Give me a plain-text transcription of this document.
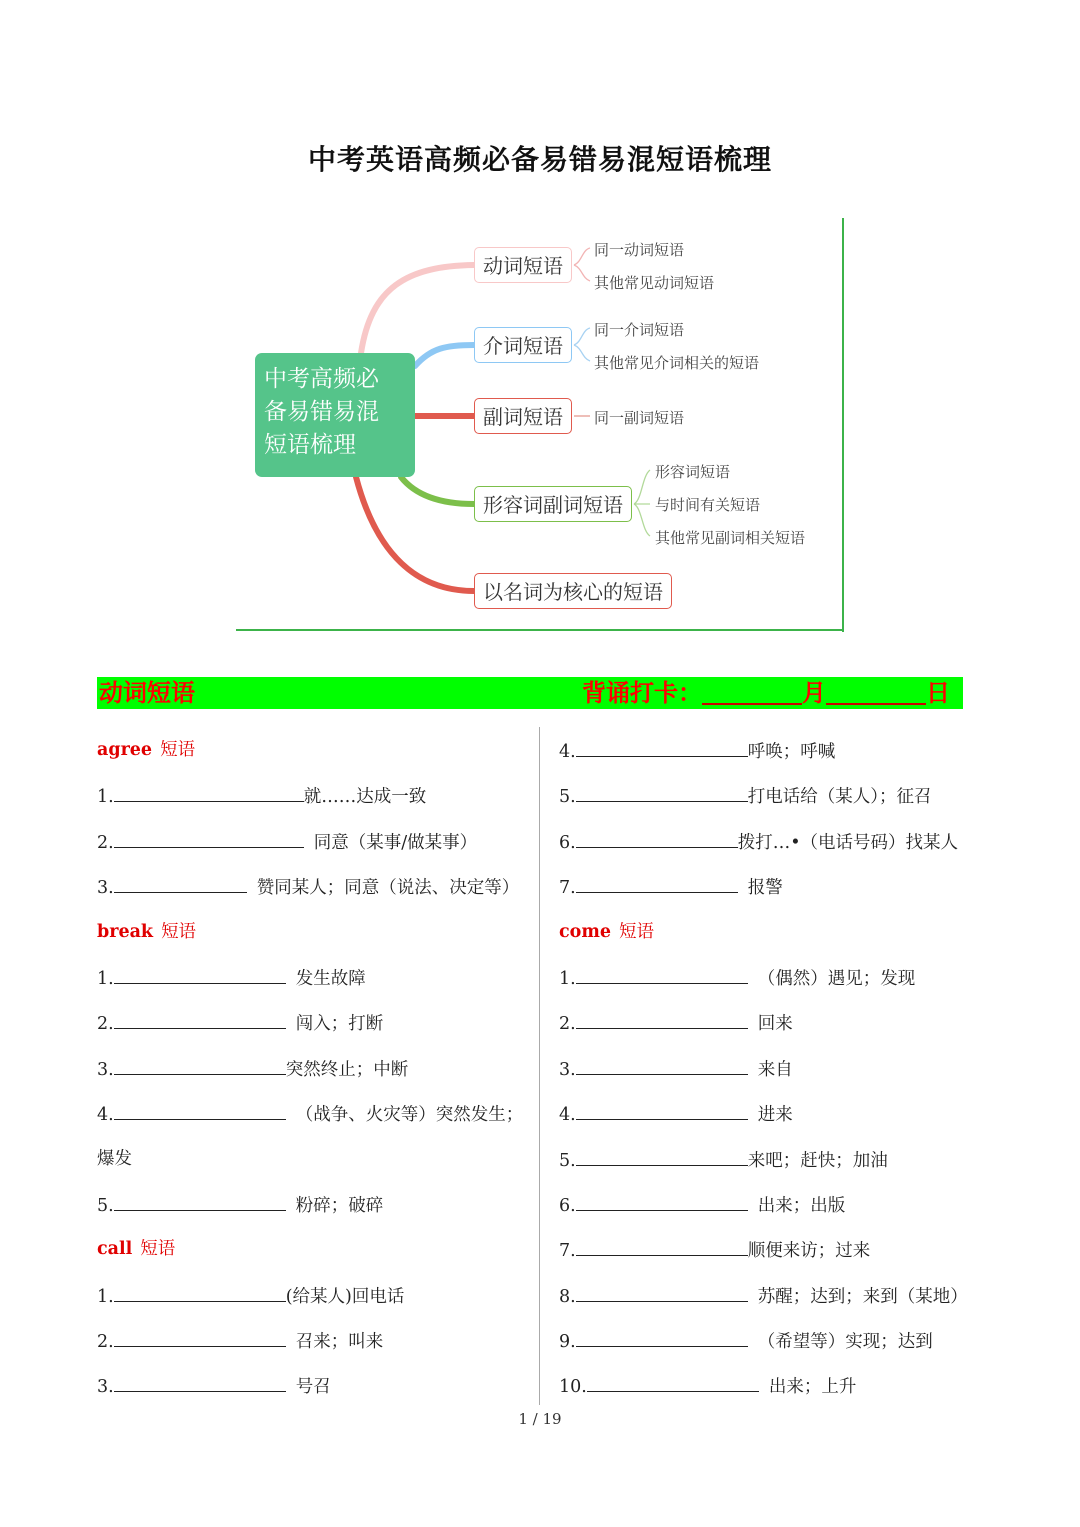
中考英语高频必备易错易混短语梳理
中考高频必
备易错易混
短语梳理
动词短语
介词短语
副词短语
形容词副词短语
以名词为核心的短语
同一动词短语
其他常见动词短语
同一介词短语
其他常见介词相关的短语
同一副词短语
形容词短语
与时间有关短语
其他常见副词相关短语
动词短语	背诵打卡：	月	日
agree 短语
1.	就……达成一致
2.	同意（某事/做某事）
3.	赞同某人；同意（说法、决定等）
break 短语
1.	发生故障
2.	闯入；打断
3.	突然终止；中断
4.	（战争、火灾等）突然发生；
爆发
5.	粉碎；破碎
call 短语
1.	(给某人)回电话
2.	召来；叫来
3.	号召
4.	呼唤；呼喊
5.	打电话给（某人）；征召
6.	拨打…•（电话号码）找某人
7.	报警
come 短语
1.	（偶然）遇见；发现
2.	回来
3.	来自
4.	进来
5.	来吧；赶快；加油
6.	出来；出版
7.	顺便来访；过来
8.	苏醒；达到；来到（某地）
9.	（希望等）实现；达到
10.	出来；上升
1 / 19
